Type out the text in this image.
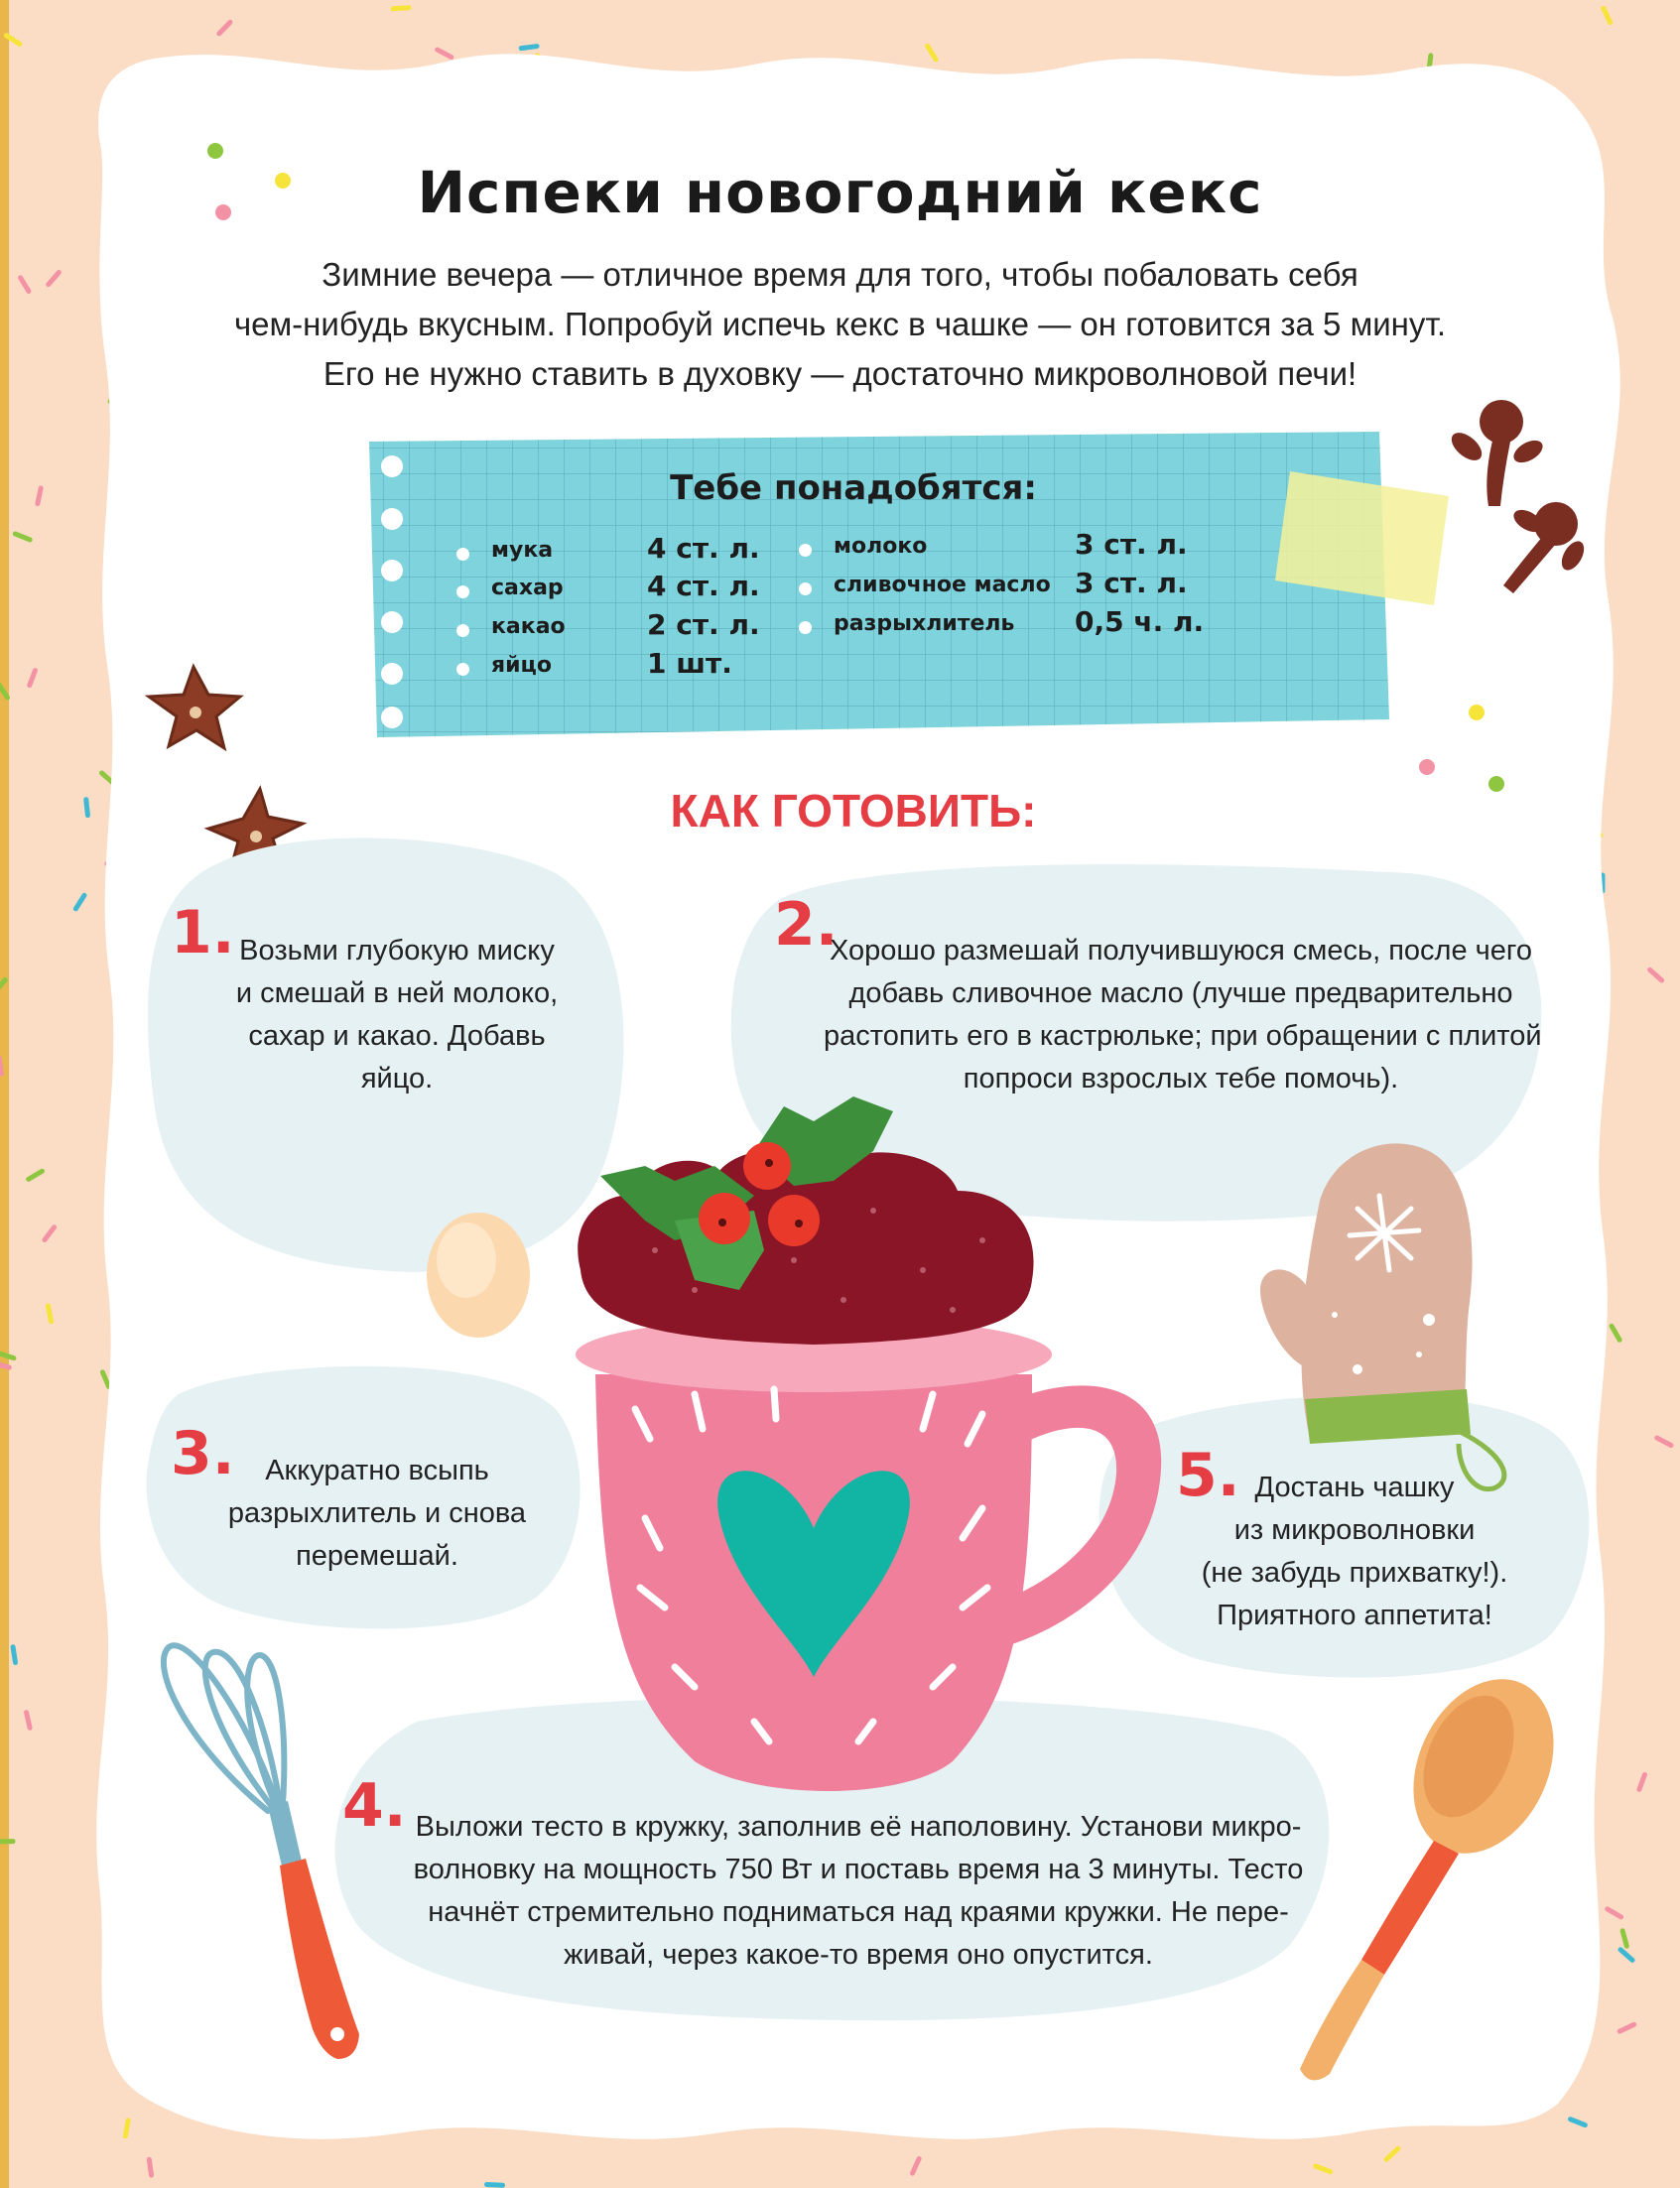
Испеки новогодний кекс
Зимние вечера — отличное время для того, чтобы побаловать себя
чем-нибудь вкусным. Попробуй испечь кекс в чашке — он готовится за 5 минут.
Его не нужно ставить в духовку — достаточно микроволновой печи!
Тебе понадобятся:
мука	4 ст. л.
сахар	4 ст. л.
какао	2 ст. л.
яйцо	1 шт.
молоко	3 ст. л.
сливочное масло 3 ст. л.
разрыхлитель 0,5 ч. л.
КАК ГОТОВИТЬ:
1. Возьми глубокую миску
и смешай в ней молоко,
сахар и какао. Добавь
яйцо.
2.
Хорошо размешай получившуюся смесь, после чего
добавь сливочное масло (лучше предварительно
растопить его в кастрюльке; при обращении с плитой
попроси взрослых тебе помочь).
3.	Аккуратно всыпь
разрыхлитель и снова
перемешай.
4. Выложи тесто в кружку, заполнив её наполовину. Установи микро-
волновку на мощность 750 Вт и поставь время на 3 минуты. Тесто
начнёт стремительно подниматься над краями кружки. Не пере-
живай, через какое-то время оно опустится.
5. Достань чашку
из микроволновки
(не забудь прихватку!).
Приятного аппетита!
